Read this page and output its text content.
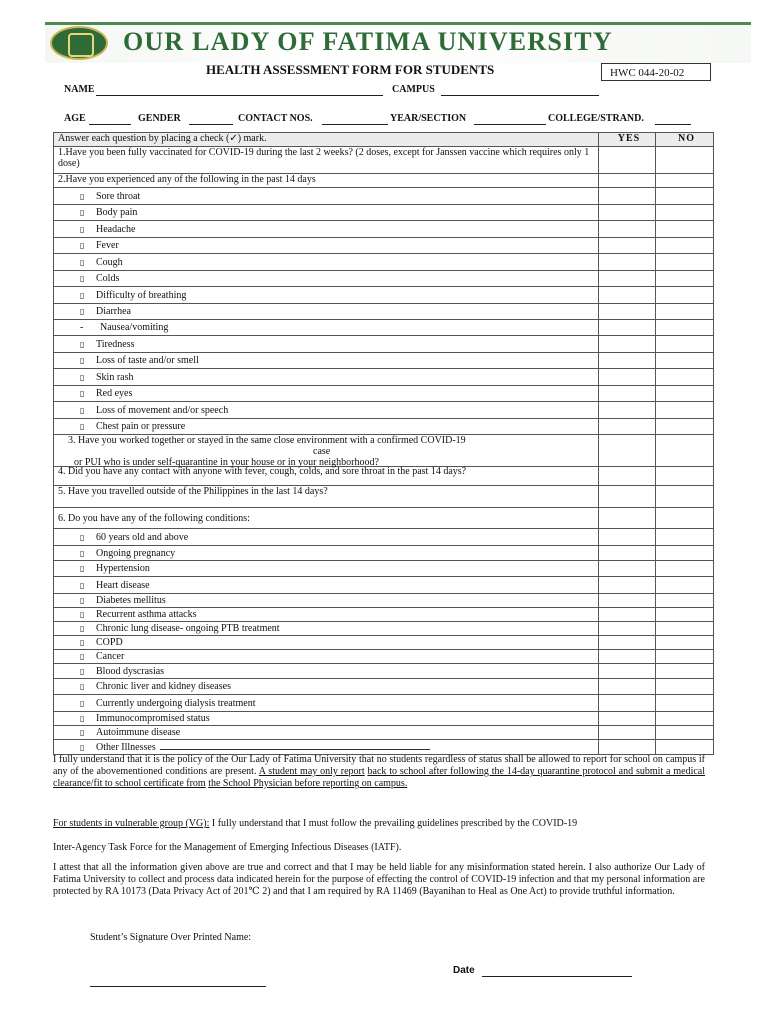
OUR LADY OF FATIMA UNIVERSITY
HEALTH ASSESSMENT FORM FOR STUDENTS	HWC 044-20-02
NAME	CAMPUS
AGE	GENDER	CONTACT NOS.	YEAR/SECTION	COLLEGE/STRAND.
Answer each question by placing a check (✓) mark.	YES	NO
1.Have you been fully vaccinated for COVID-19 during the last 2 weeks? (2 doses, except for Janssen vaccine which requires only 1 dose)		
2.Have you experienced any of the following in the past 14 days		
▯ Sore throat		
▯ Body pain		
▯ Headache		
▯ Fever		
▯ Cough		
▯ Colds		
▯ Difficulty of breathing		
▯ Diarrhea		
- Nausea/vomiting		
▯ Tiredness		
▯ Loss of taste and/or smell		
▯ Skin rash		
▯ Red eyes		
▯ Loss of movement and/or speech		
▯ Chest pain or pressure		

3. Have you worked together or stayed in the same close environment with a confirmed COVID-19
case
or PUI who is under self-quarantine in your house or in your neighborhood?		

4. Did you have any contact with anyone with fever, cough, colds, and sore throat in the past 14 days?		
5. Have you travelled outside of the Philippines in the last 14 days?		
6. Do you have any of the following conditions:		
▯ 60 years old and above		
▯ Ongoing pregnancy		
▯ Hypertension		
▯ Heart disease		
▯ Diabetes mellitus		
▯ Recurrent asthma attacks		
▯ Chronic lung disease- ongoing PTB treatment		
▯ COPD		
▯ Cancer		
▯ Blood dyscrasias		
▯ Chronic liver and kidney diseases		
▯ Currently undergoing dialysis treatment		
▯ Immunocompromised status		
▯ Autoimmune disease		
▯ Other Illnesses		
I fully understand that it is the policy of the Our Lady of Fatima University that no students regardless of status shall be allowed to report for school on campus if any of the abovementioned conditions are present. A student may only report back to school after following the 14-day quarantine protocol and submit a medical clearance/fit to school certificate from the School Physician before reporting on campus.
For students in vulnerable group (VG): I fully understand that I must follow the prevailing guidelines prescribed by the COVID-19
Inter-Agency Task Force for the Management of Emerging Infectious Diseases (IATF).
I attest that all the information given above are true and correct and that I may be held liable for any misinformation stated herein. I also authorize Our Lady of Fatima University to collect and process data indicated herein for the purpose of effecting the control of COVID-19 infection and that my personal information are protected by RA 10173 (Data Privacy Act of 201℃ 2) and that I am required by RA 11469 (Bayanihan to Heal as One Act) to provide truthful information.
Student’s Signature Over Printed Name:
Date
